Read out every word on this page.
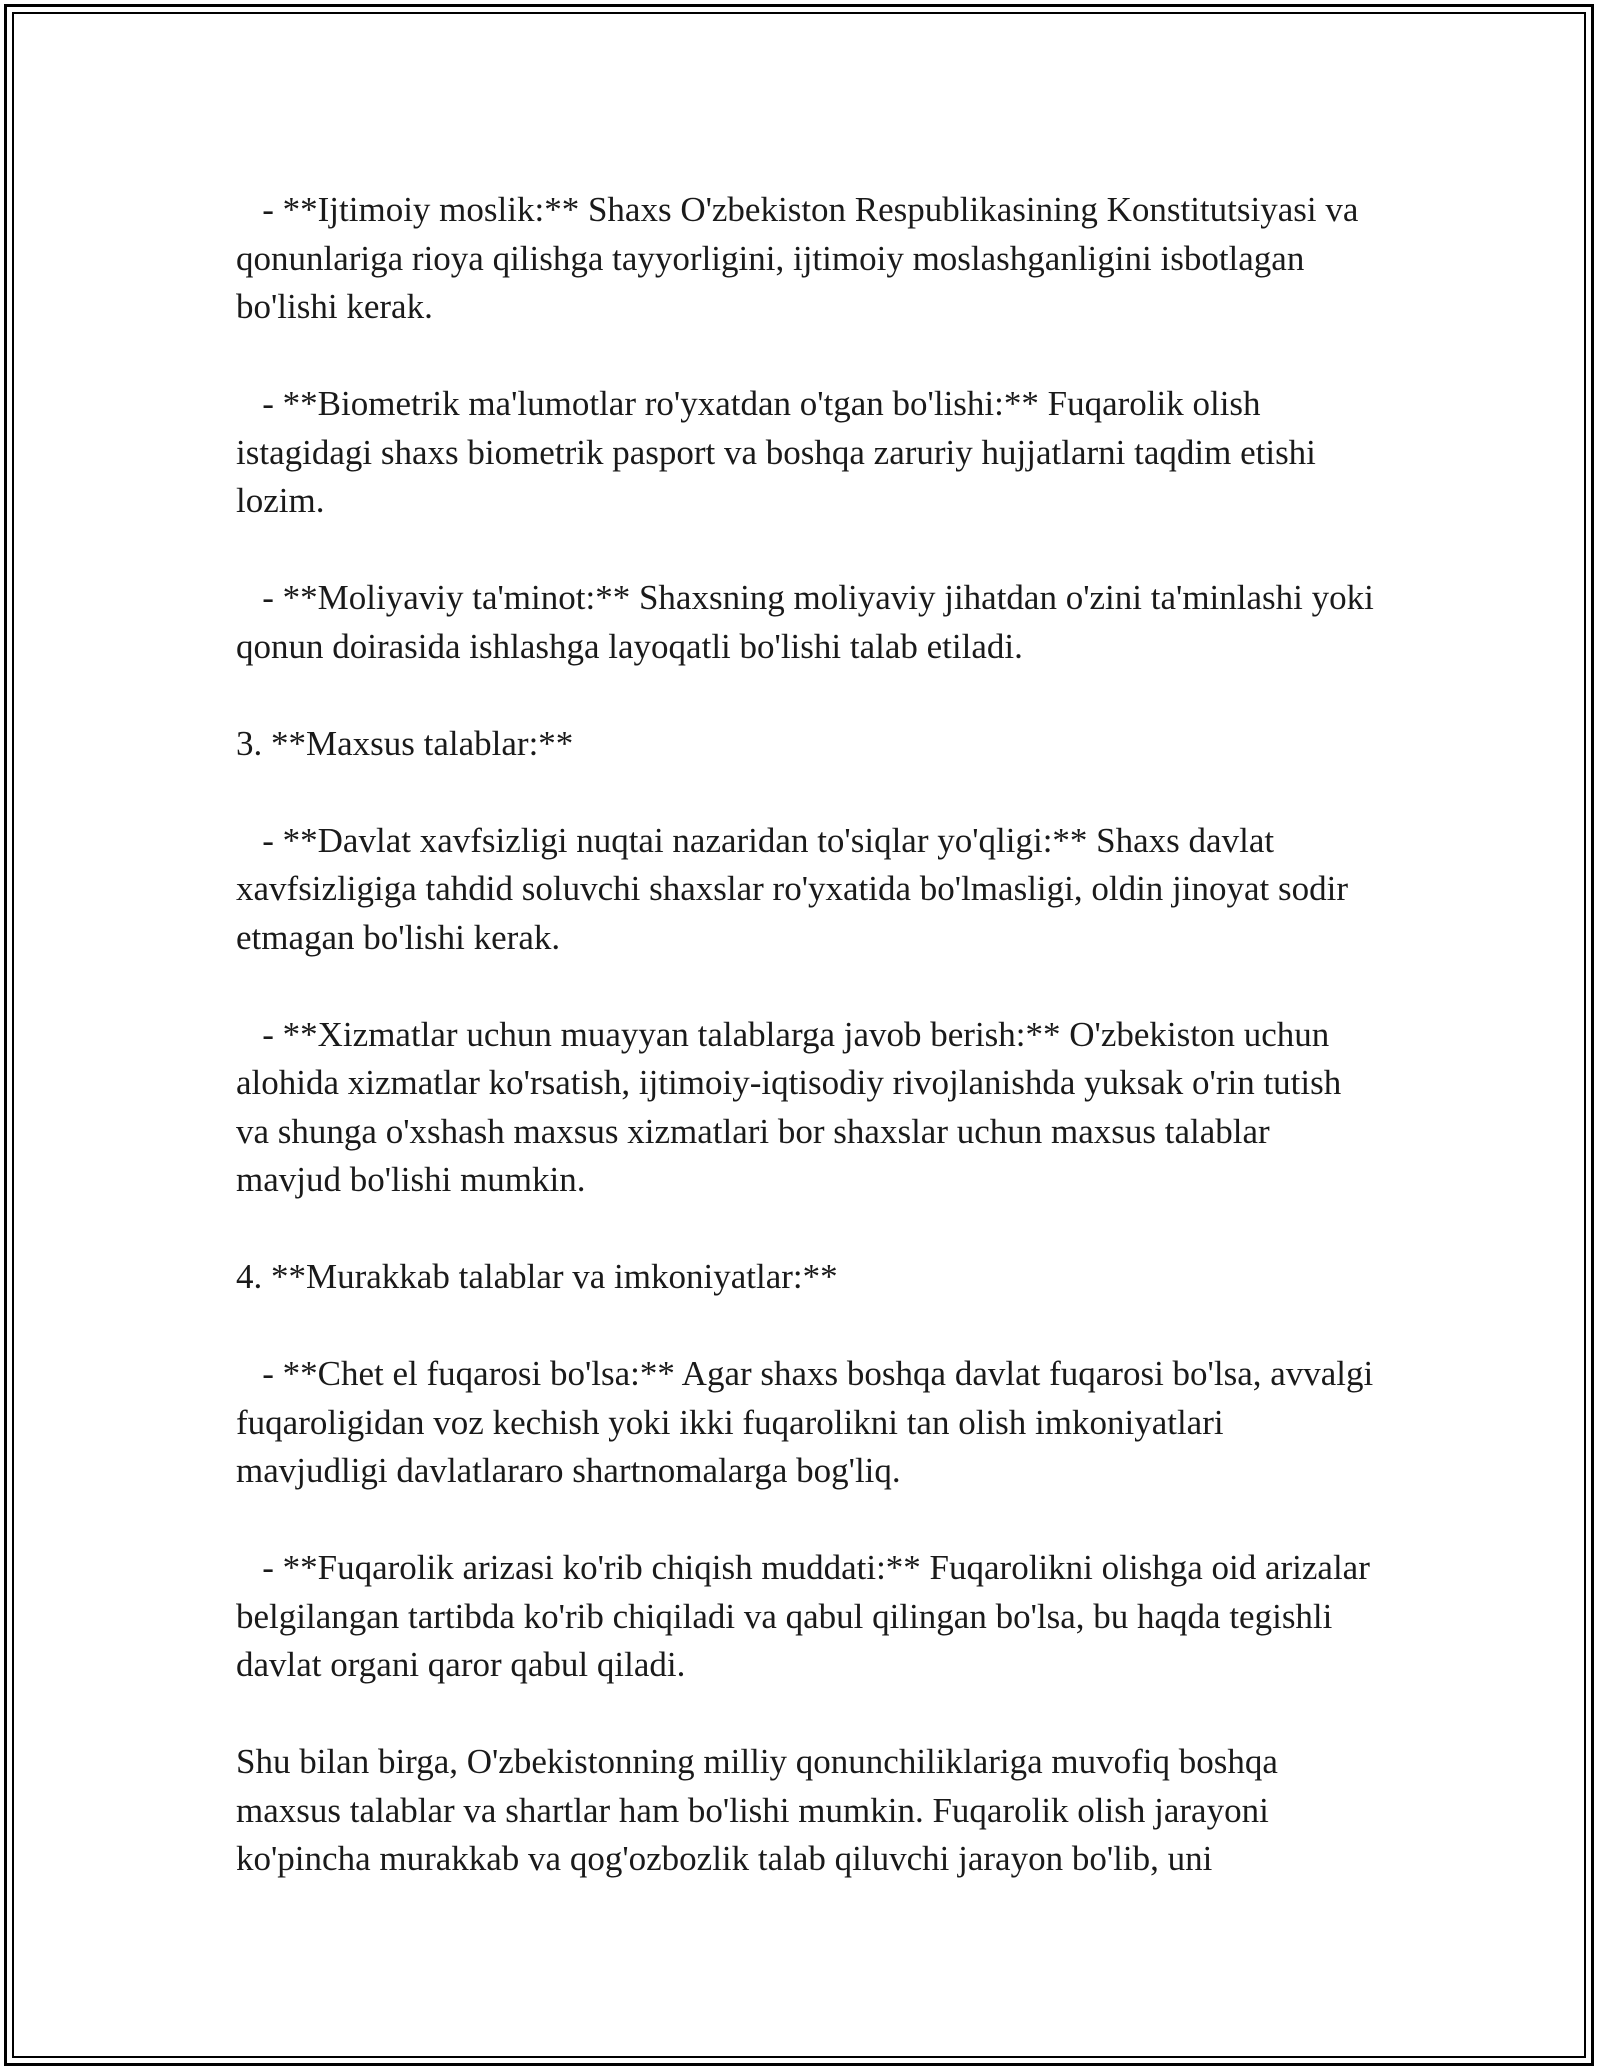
- **Ijtimoiy moslik:** Shaxs O'zbekiston Respublikasining Konstitutsiyasi va qonunlariga rioya qilishga tayyorligini, ijtimoiy moslashganligini isbotlagan bo'lishi kerak.

- **Biometrik ma'lumotlar ro'yxatdan o'tgan bo'lishi:** Fuqarolik olish istagidagi shaxs biometrik pasport va boshqa zaruriy hujjatlarni taqdim etishi lozim.

- **Moliyaviy ta'minot:** Shaxsning moliyaviy jihatdan o'zini ta'minlashi yoki qonun doirasida ishlashga layoqatli bo'lishi talab etiladi.

3. **Maxsus talablar:**

- **Davlat xavfsizligi nuqtai nazaridan to'siqlar yo'qligi:** Shaxs davlat xavfsizligiga tahdid soluvchi shaxslar ro'yxatida bo'lmasligi, oldin jinoyat sodir etmagan bo'lishi kerak.

- **Xizmatlar uchun muayyan talablarga javob berish:** O'zbekiston uchun alohida xizmatlar ko'rsatish, ijtimoiy-iqtisodiy rivojlanishda yuksak o'rin tutish va shunga o'xshash maxsus xizmatlari bor shaxslar uchun maxsus talablar mavjud bo'lishi mumkin.

4. **Murakkab talablar va imkoniyatlar:**

- **Chet el fuqarosi bo'lsa:** Agar shaxs boshqa davlat fuqarosi bo'lsa, avvalgi fuqaroligidan voz kechish yoki ikki fuqarolikni tan olish imkoniyatlari mavjudligi davlatlararo shartnomalarga bog'liq.

- **Fuqarolik arizasi ko'rib chiqish muddati:** Fuqarolikni olishga oid arizalar belgilangan tartibda ko'rib chiqiladi va qabul qilingan bo'lsa, bu haqda tegishli davlat organi qaror qabul qiladi.

Shu bilan birga, O'zbekistonning milliy qonunchiliklariga muvofiq boshqa maxsus talablar va shartlar ham bo'lishi mumkin. Fuqarolik olish jarayoni ko'pincha murakkab va qog'ozbozlik talab qiluvchi jarayon bo'lib, uni
